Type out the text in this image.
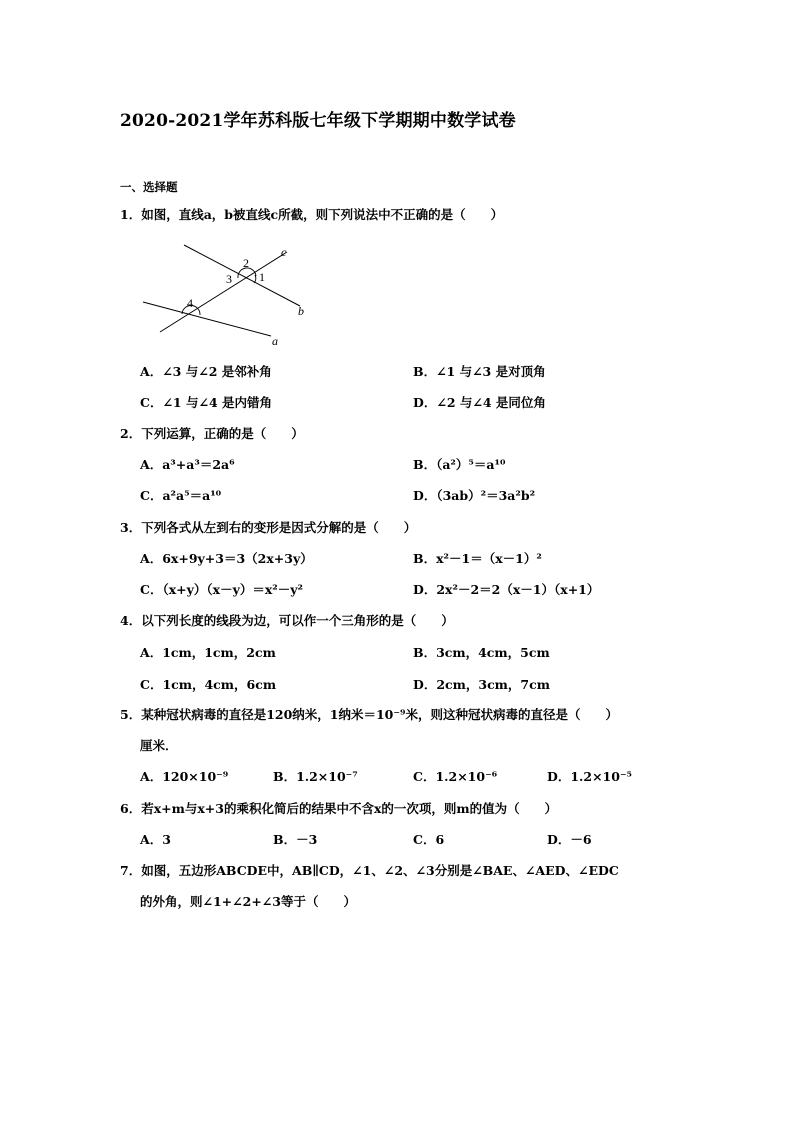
2020-2021学年苏科版七年级下学期期中数学试卷
一、选择题
1．如图，直线a，b被直线c所截，则下列说法中不正确的是（　　）
c
b
a
2
1
3
4
A．∠3 与∠2 是邻补角	B．∠1 与∠3 是对顶角
C．∠1 与∠4 是内错角	D．∠2 与∠4 是同位角
2．下列运算，正确的是（　　）
A．a³+a³＝2a⁶	B．（a²）⁵＝a¹⁰
C．a²a⁵＝a¹⁰	D．（3ab）²＝3a²b²
3．下列各式从左到右的变形是因式分解的是（　　）
A．6x+9y+3＝3（2x+3y）	B．x²－1＝（x－1）²
C．（x+y）（x－y）＝x²－y²	D．2x²－2＝2（x－1）（x+1）
4．以下列长度的线段为边，可以作一个三角形的是（　　）
A．1cm，1cm，2cm	B．3cm，4cm，5cm
C．1cm，4cm，6cm	D．2cm，3cm，7cm
5．某种冠状病毒的直径是120纳米，1纳米＝10⁻⁹米，则这种冠状病毒的直径是（　　）
厘米．
A．120×10⁻⁹	B．1.2×10⁻⁷	C．1.2×10⁻⁶	D．1.2×10⁻⁵
6．若x+m与x+3的乘积化简后的结果中不含x的一次项，则m的值为（　　）
A．3	B．－3	C．6	D．－6
7．如图，五边形ABCDE中，AB∥CD，∠1、∠2、∠3分别是∠BAE、∠AED、∠EDC
的外角，则∠1+∠2+∠3等于（　　）
